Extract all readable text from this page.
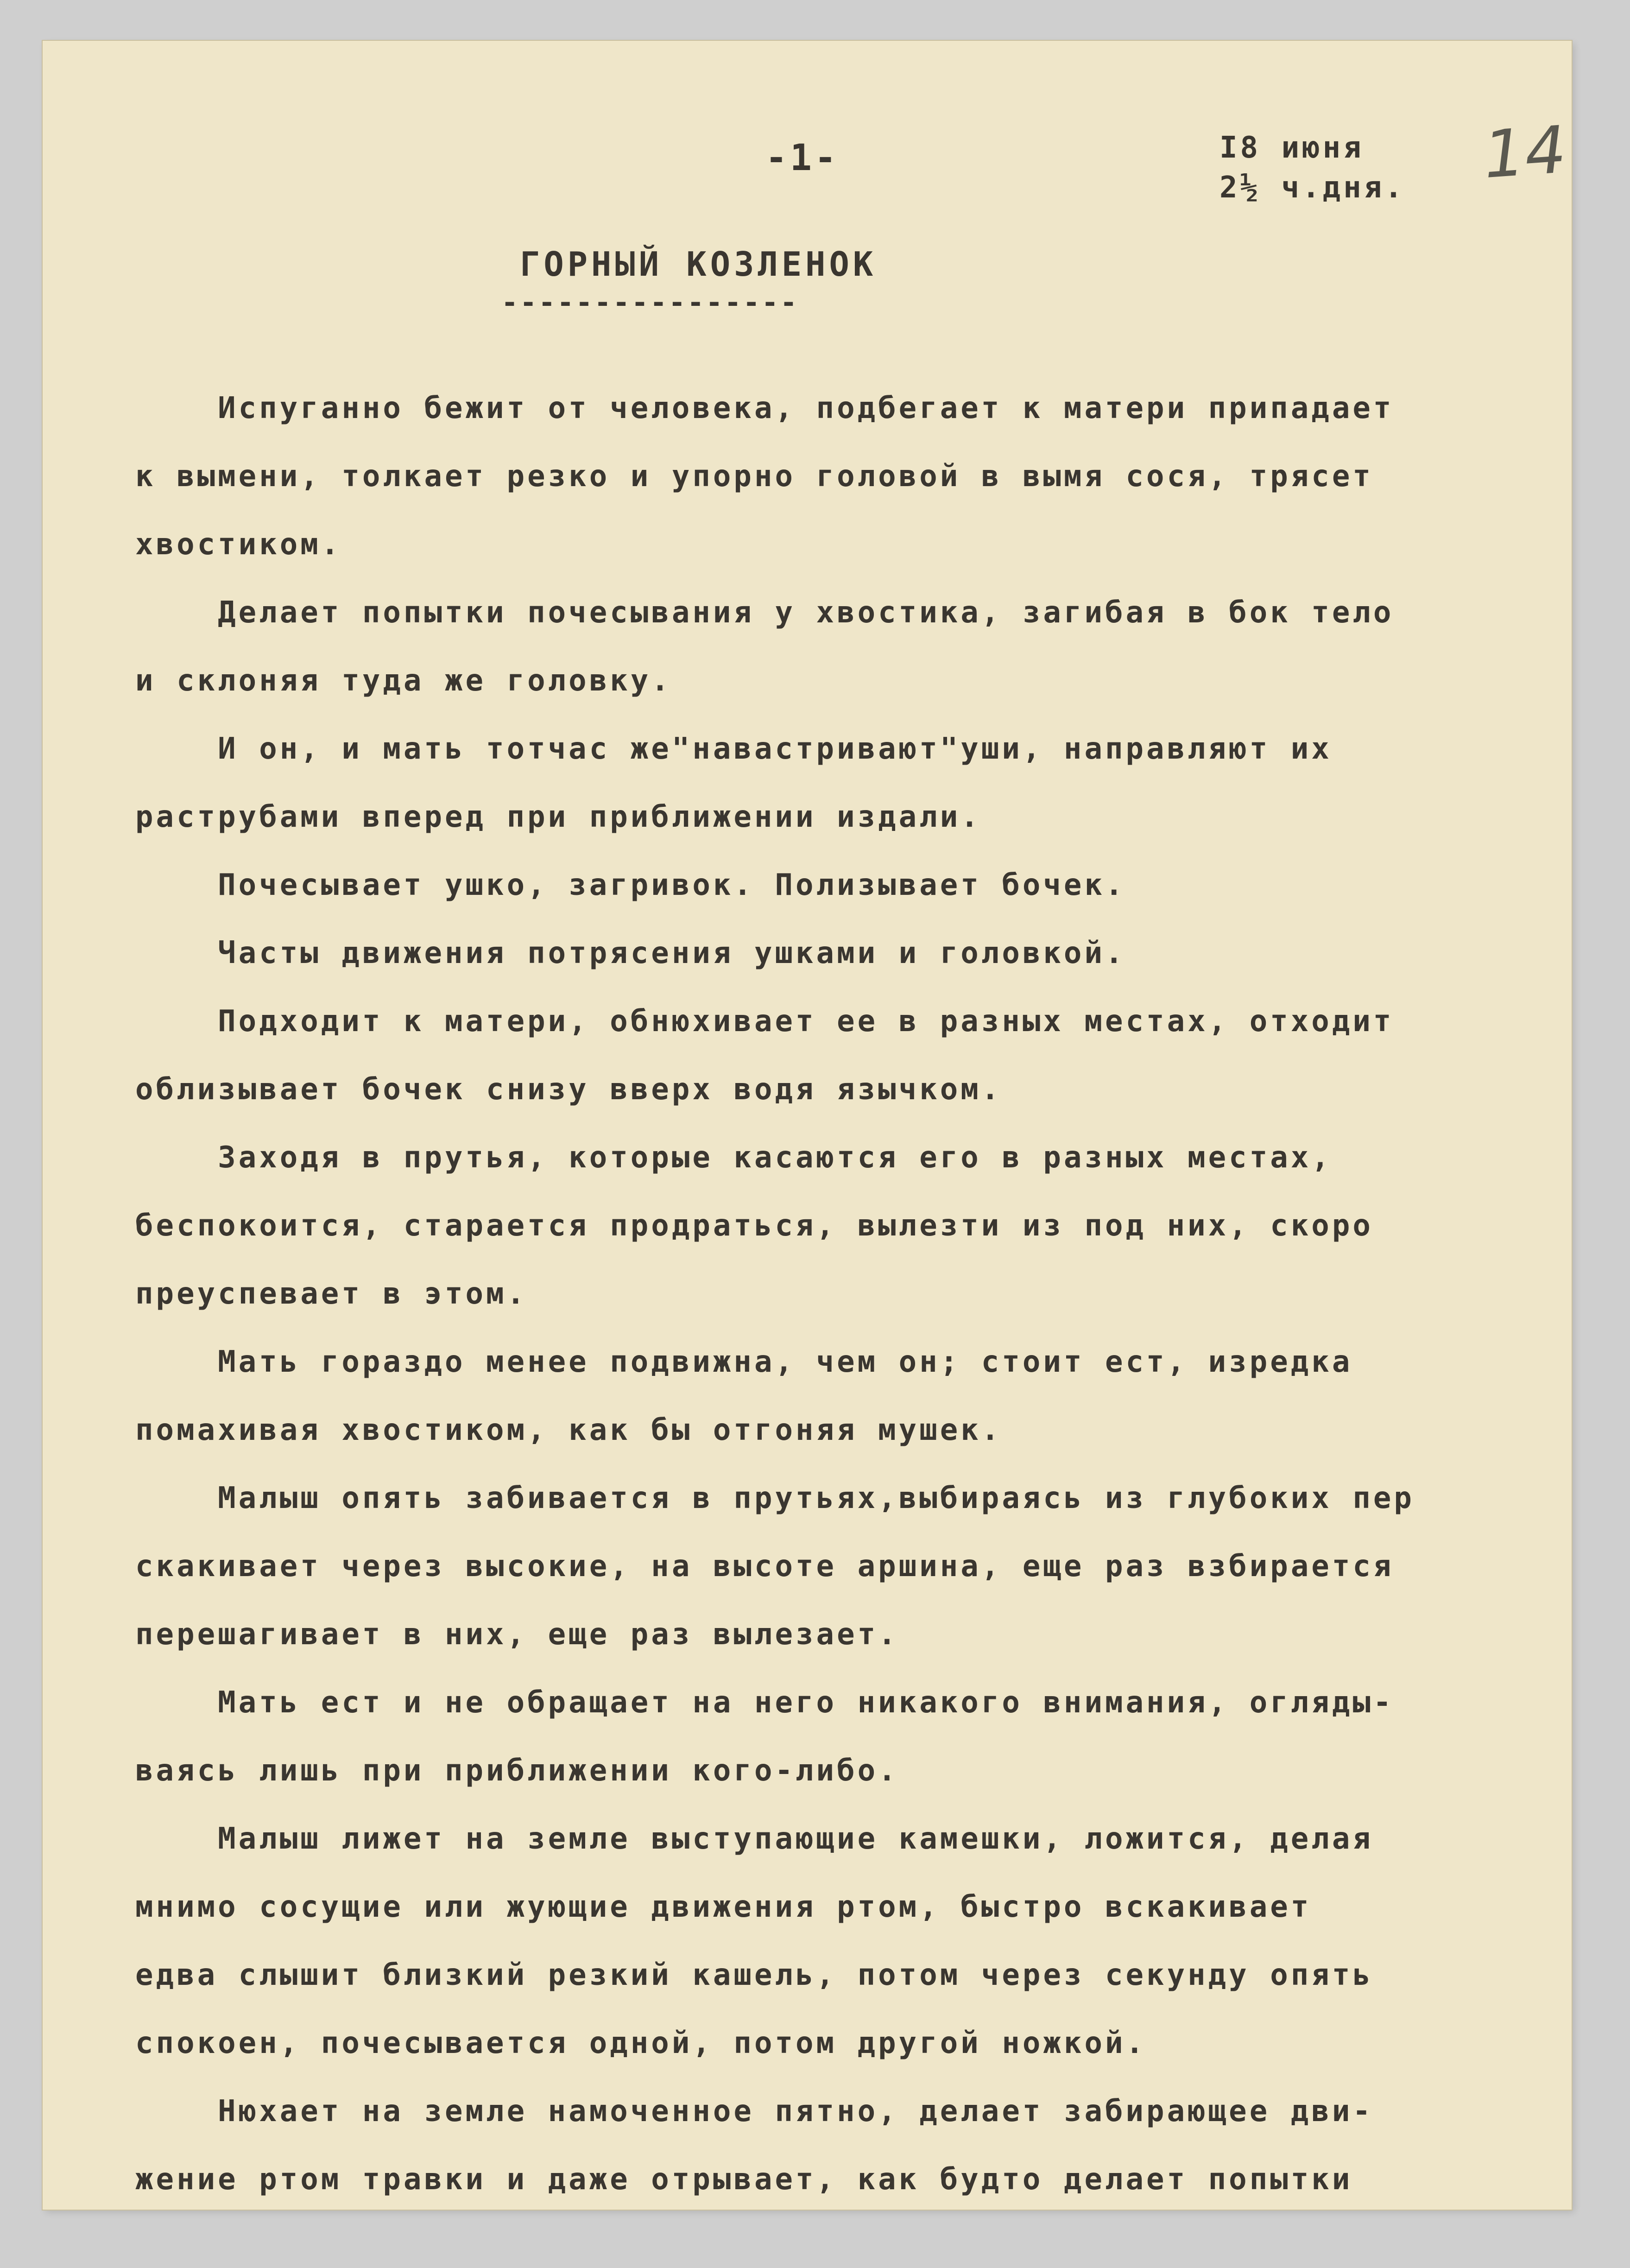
-1-	I8 июня
2½ ч.дня. 14
ГОРНЫЙ КОЗЛЕНОК
----------------
Испуганно бежит от человека, подбегает к матери припадает
к вымени, толкает резко и упорно головой в вымя сося, трясет
хвостиком.
Делает попытки почесывания у хвостика, загибая в бок тело
и склоняя туда же головку.
И он, и мать тотчас же"навастривают"уши, направляют их
раструбами вперед при приближении издали.
Почесывает ушко, загривок. Полизывает бочек.
Часты движения потрясения ушками и головкой.
Подходит к матери, обнюхивает ее в разных местах, отходит
облизывает бочек снизу вверх водя язычком.
Заходя в прутья, которые касаются его в разных местах,
беспокоится, старается продраться, вылезти из под них, скоро
преуспевает в этом.
Мать гораздо менее подвижна, чем он; стоит ест, изредка
помахивая хвостиком, как бы отгоняя мушек.
Малыш опять забивается в прутьях,выбираясь из глубоких пер
скакивает через высокие, на высоте аршина, еще раз взбирается
перешагивает в них, еще раз вылезает.
Мать ест и не обращает на него никакого внимания, огляды-
ваясь лишь при приближении кого-либо.
Малыш лижет на земле выступающие камешки, ложится, делая
мнимо сосущие или жующие движения ртом, быстро вскакивает
едва слышит близкий резкий кашель, потом через секунду опять
спокоен, почесывается одной, потом другой ножкой.
Нюхает на земле намоченное пятно, делает забирающее дви-
жение ртом травки и даже отрывает, как будто делает попытки
